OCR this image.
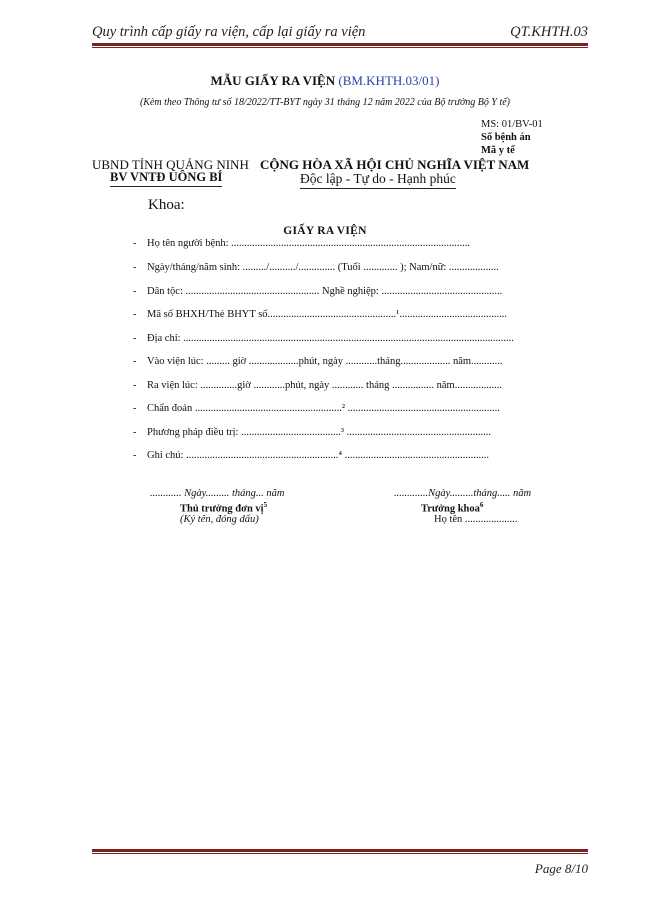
Quy trình cấp giấy ra viện, cấp lại giấy ra viện	QT.KHTH.03
MẪU GIẤY RA VIỆN (BM.KHTH.03/01)
(Kèm theo Thông tư số 18/2022/TT-BYT ngày 31 tháng 12 năm 2022 của Bộ trưởng Bộ Y tế)
MS: 01/BV-01
Số bệnh án
Mã y tế
UBND TỈNH QUẢNG NINH
BV VNTĐ UÔNG BÍ
CỘNG HÒA XÃ HỘI CHỦ NGHĨA VIỆT NAM
Độc lập - Tự do - Hạnh phúc
Khoa:
GIẤY RA VIỆN
- Họ tên người bệnh: ...........................................................................................
- Ngày/tháng/năm sinh: ........./........../.............. (Tuổi ............. ); Nam/nữ: ...................
- Dân tộc: ................................................... Nghề nghiệp: ..............................................
- Mã số BHXH/Thẻ BHYT số.................................................¹.........................................
- Địa chỉ: ..............................................................................................................................
- Vào viện lúc: ......... giờ ...................phút, ngày ............tháng................... năm............
- Ra viện lúc: ..............giờ ............phút, ngày ............ tháng ................ năm..................
- Chẩn đoán ........................................................² ..........................................................
- Phương pháp điều trị: ......................................³ .......................................................
- Ghi chú: ..........................................................⁴ .......................................................
............ Ngày......... tháng... năm	.............Ngày.........tháng..... năm
Thủ trưởng đơn vị$^5$	Trưởng khoa$^6$
(Ký tên, đóng dấu)	Họ tên ....................
Page 8/10
